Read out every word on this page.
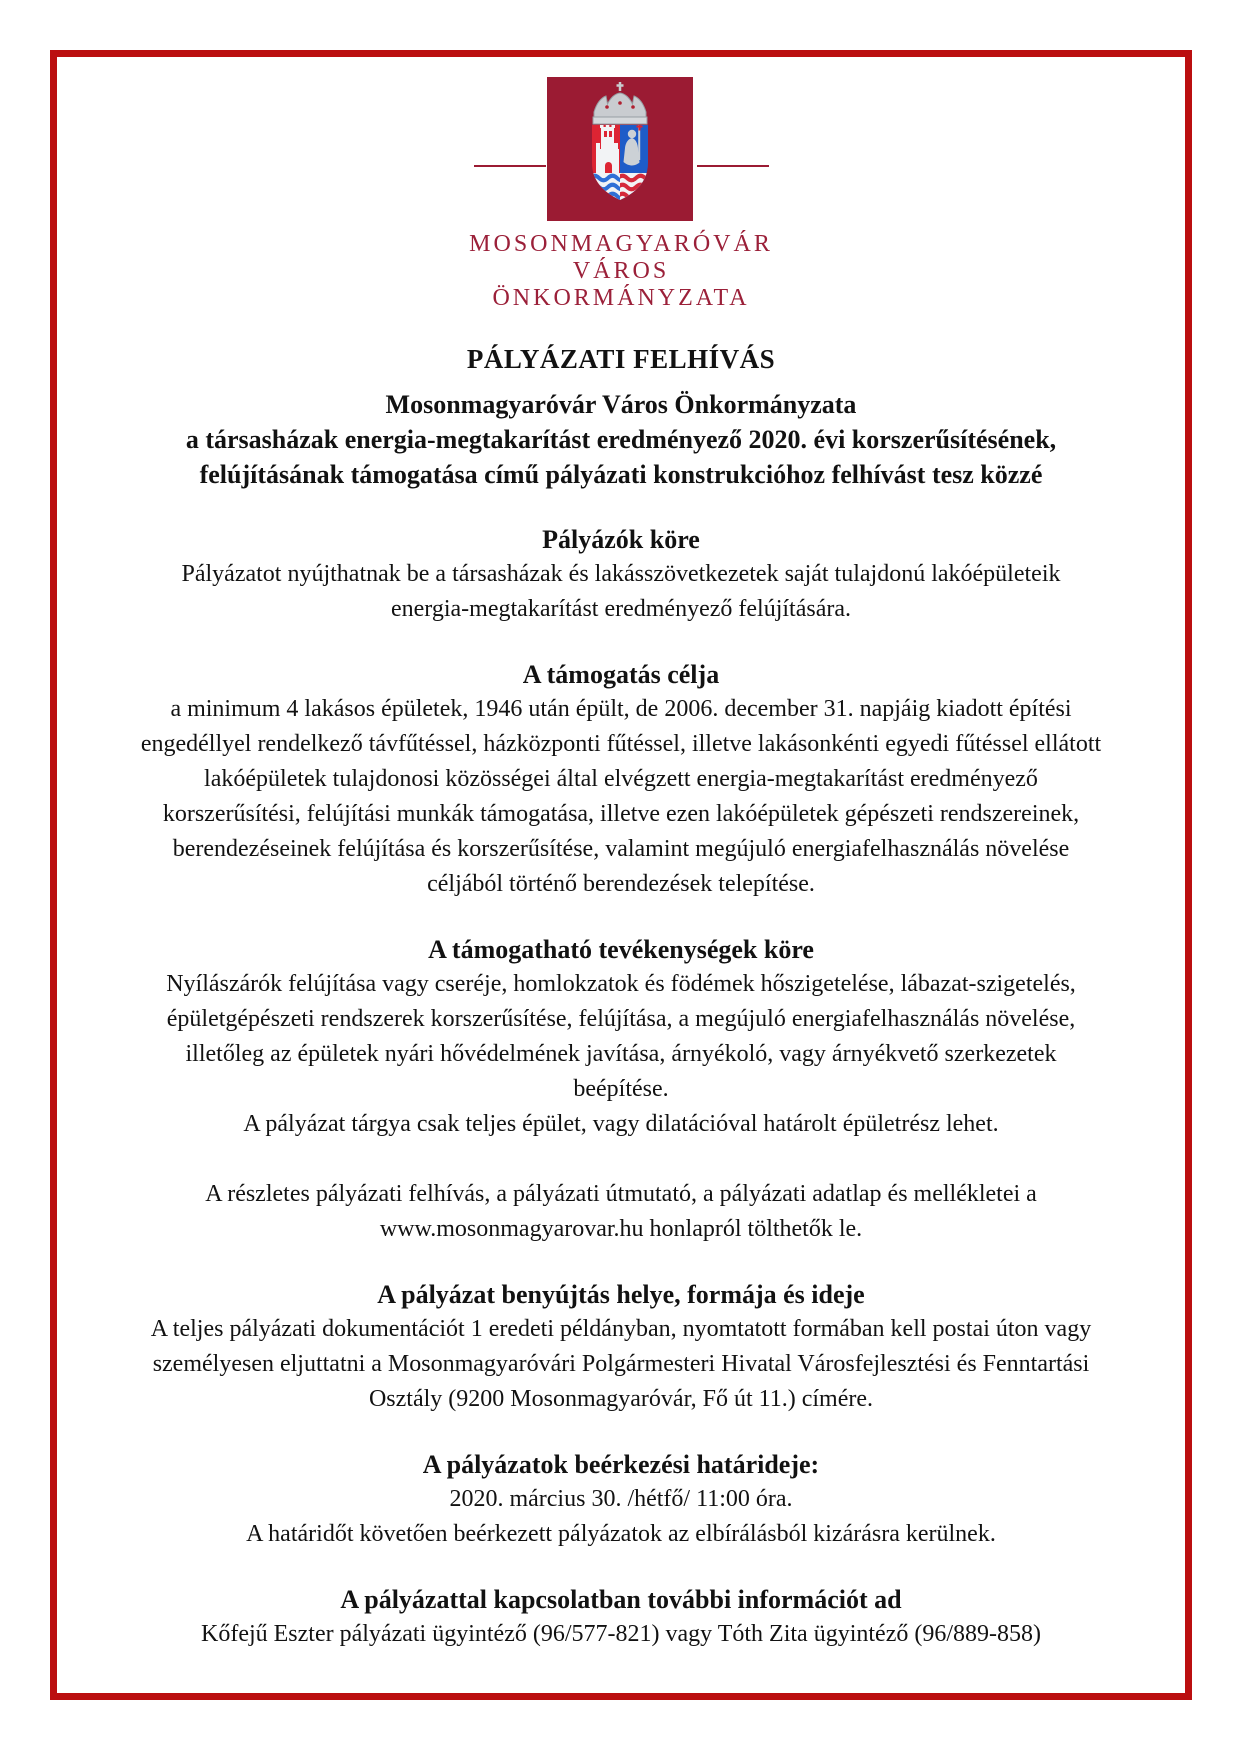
MOSONMAGYARÓVÁR
VÁROS
ÖNKORMÁNYZATA
PÁLYÁZATI FELHÍVÁS
Mosonmagyaróvár Város Önkormányzata
a társasházak energia-megtakarítást eredményező 2020. évi korszerűsítésének,
felújításának támogatása című pályázati konstrukcióhoz felhívást tesz közzé
Pályázók köre
Pályázatot nyújthatnak be a társasházak és lakásszövetkezetek saját tulajdonú lakóépületeik
energia-megtakarítást eredményező felújítására.
A támogatás célja
a minimum 4 lakásos épületek, 1946 után épült, de 2006. december 31. napjáig kiadott építési
engedéllyel rendelkező távfűtéssel, házközponti fűtéssel, illetve lakásonkénti egyedi fűtéssel ellátott
lakóépületek tulajdonosi közösségei által elvégzett energia-megtakarítást eredményező
korszerűsítési, felújítási munkák támogatása, illetve ezen lakóépületek gépészeti rendszereinek,
berendezéseinek felújítása és korszerűsítése, valamint megújuló energiafelhasználás növelése
céljából történő berendezések telepítése.
A támogatható tevékenységek köre
Nyílászárók felújítása vagy cseréje, homlokzatok és födémek hőszigetelése, lábazat-szigetelés,
épületgépészeti rendszerek korszerűsítése, felújítása, a megújuló energiafelhasználás növelése,
illetőleg az épületek nyári hővédelmének javítása, árnyékoló, vagy árnyékvető szerkezetek
beépítése.
A pályázat tárgya csak teljes épület, vagy dilatációval határolt épületrész lehet.
A részletes pályázati felhívás, a pályázati útmutató, a pályázati adatlap és mellékletei a
www.mosonmagyarovar.hu honlapról tölthetők le.
A pályázat benyújtás helye, formája és ideje
A teljes pályázati dokumentációt 1 eredeti példányban, nyomtatott formában kell postai úton vagy
személyesen eljuttatni a Mosonmagyaróvári Polgármesteri Hivatal Városfejlesztési és Fenntartási
Osztály (9200 Mosonmagyaróvár, Fő út 11.) címére.
A pályázatok beérkezési határideje:
2020. március 30. /hétfő/ 11:00 óra.
A határidőt követően beérkezett pályázatok az elbírálásból kizárásra kerülnek.
A pályázattal kapcsolatban további információt ad
Kőfejű Eszter pályázati ügyintéző (96/577-821) vagy Tóth Zita ügyintéző (96/889-858)
